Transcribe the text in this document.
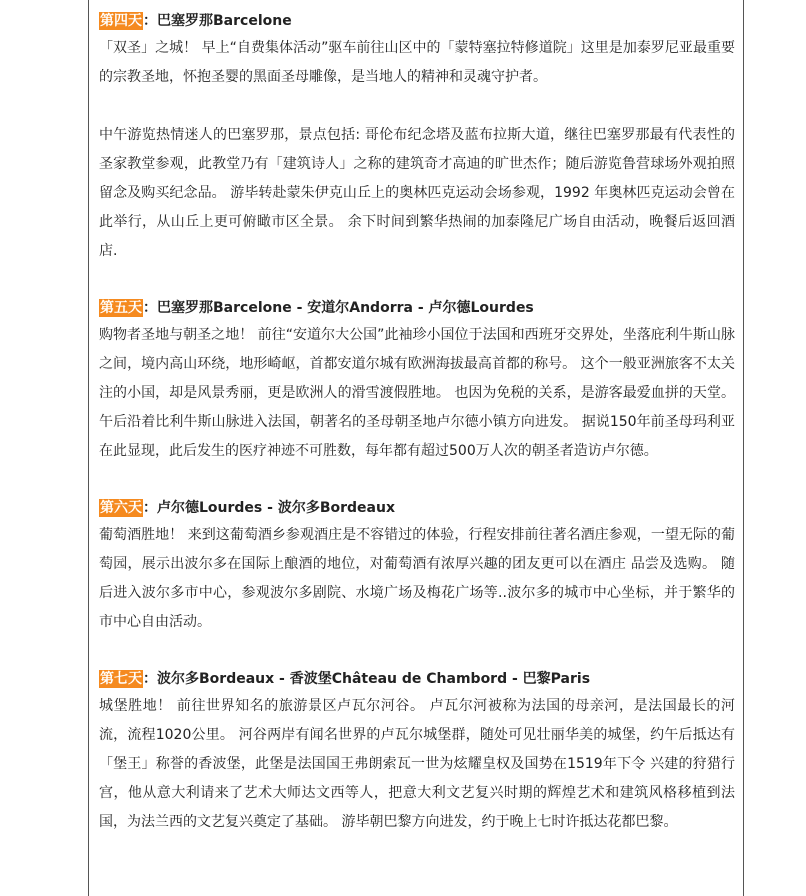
第四天：巴塞罗那Barcelone

「双圣」之城！ 早上“自费集体活动”驱车前往山区中的「蒙特塞拉特修道院」这里是加泰罗尼亚最重要的宗教圣地，怀抱圣婴的黑面圣母雕像，是当地人的精神和灵魂守护者。

中午游览热情迷人的巴塞罗那，景点包括: 哥伦布纪念塔及蓝布拉斯大道，继往巴塞罗那最有代表性的圣家教堂参观，此教堂乃有「建筑诗人」之称的建筑奇才高迪的旷世杰作；随后游览鲁营球场外观拍照留念及购买纪念品。 游毕转赴蒙朱伊克山丘上的奥林匹克运动会场参观，1992 年奥林匹克运动会曾在此举行，从山丘上更可俯瞰市区全景。 余下时间到繁华热闹的加泰隆尼广场自由活动，晚餐后返回酒店.

第五天：巴塞罗那Barcelone - 安道尔Andorra - 卢尔德Lourdes

购物者圣地与朝圣之地！ 前往“安道尔大公国”此袖珍小国位于法国和西班牙交界处，坐落庇利牛斯山脉之间，境内高山环绕，地形崎岖，首都安道尔城有欧洲海拔最高首都的称号。 这个一般亚洲旅客不太关注的小国，却是风景秀丽，更是欧洲人的滑雪渡假胜地。 也因为免税的关系，是游客最爱血拼的天堂。 午后沿着比利牛斯山脉进入法国，朝著名的圣母朝圣地卢尔德小镇方向进发。 据说150年前圣母玛利亚在此显现，此后发生的医疗神迹不可胜数，每年都有超过500万人次的朝圣者造访卢尔德。

第六天：卢尔德Lourdes - 波尔多Bordeaux

葡萄酒胜地！ 来到这葡萄酒乡参观酒庄是不容错过的体验，行程安排前往著名酒庄参观，一望无际的葡萄园，展示出波尔多在国际上酿酒的地位，对葡萄酒有浓厚兴趣的团友更可以在酒庄 品尝及选购。 随后进入波尔多市中心，参观波尔多剧院、水境广场及梅花广场等..波尔多的城市中心坐标，并于繁华的市中心自由活动。

第七天：波尔多Bordeaux - 香波堡Château de Chambord - 巴黎Paris

城堡胜地！ 前往世界知名的旅游景区卢瓦尔河谷。 卢瓦尔河被称为法国的母亲河，是法国最长的河流，流程1020公里。 河谷两岸有闻名世界的卢瓦尔城堡群，随处可见壮丽华美的城堡，约午后抵达有「堡王」称誉的香波堡，此堡是法国国王弗朗索瓦一世为炫耀皇权及国势在1519年下令 兴建的狩猎行宫，他从意大利请来了艺术大师达文西等人，把意大利文艺复兴时期的辉煌艺术和建筑风格移植到法国，为法兰西的文艺复兴奠定了基础。 游毕朝巴黎方向进发，约于晚上七时许抵达花都巴黎。
